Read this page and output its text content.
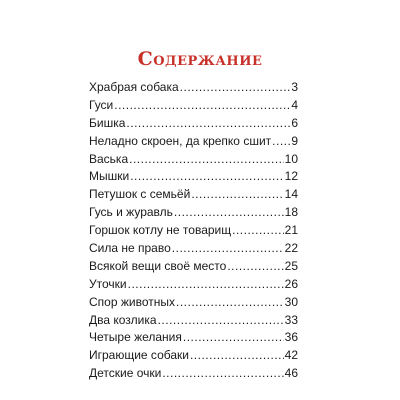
Содержание
Храбрая собака .....	3
Гуси .....	4
Бишка .....	6
Неладно скроен, да крепко сшит ..... 9
Васька .....	10
Мышки .....	12
Петушок с семьёй .....	14
Гусь и журавль .....	18
Горшок котлу не товарищ .....	21
Сила не право .....	22
Всякой вещи своё место .....	25
Уточки .....	26
Спор животных .....	30
Два козлика .....	33
Четыре желания .....	36
Играющие собаки .....	42
Детские очки .....	46
